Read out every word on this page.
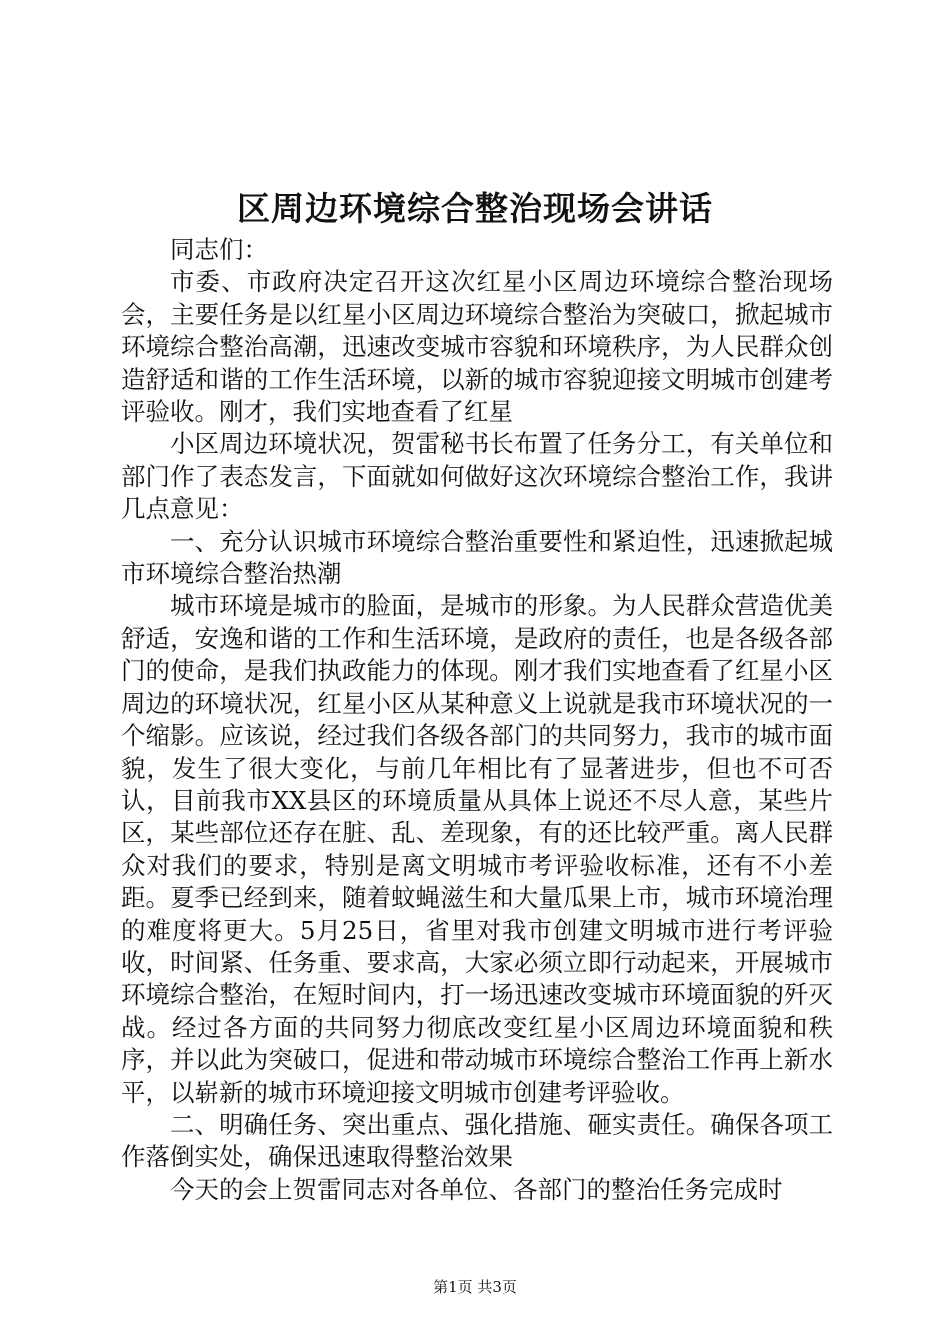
区周边环境综合整治现场会讲话

同志们：

市委、市政府决定召开这次红星小区周边环境综合整治现场会，主要任务是以红星小区周边环境综合整治为突破口，掀起城市环境综合整治高潮，迅速改变城市容貌和环境秩序，为人民群众创造舒适和谐的工作生活环境，以新的城市容貌迎接文明城市创建考评验收。刚才，我们实地查看了红星

小区周边环境状况，贺雷秘书长布置了任务分工，有关单位和部门作了表态发言，下面就如何做好这次环境综合整治工作，我讲几点意见：

一、充分认识城市环境综合整治重要性和紧迫性，迅速掀起城市环境综合整治热潮

城市环境是城市的脸面，是城市的形象。为人民群众营造优美舒适，安逸和谐的工作和生活环境，是政府的责任，也是各级各部门的使命，是我们执政能力的体现。刚才我们实地查看了红星小区周边的环境状况，红星小区从某种意义上说就是我市环境状况的一个缩影。应该说，经过我们各级各部门的共同努力，我市的城市面貌，发生了很大变化，与前几年相比有了显著进步，但也不可否认，目前我市XX县区的环境质量从具体上说还不尽人意，某些片区，某些部位还存在脏、乱、差现象，有的还比较严重。离人民群众对我们的要求，特别是离文明城市考评验收标准，还有不小差距。夏季已经到来，随着蚊蝇滋生和大量瓜果上市，城市环境治理的难度将更大。5月25日，省里对我市创建文明城市进行考评验收，时间紧、任务重、要求高，大家必须立即行动起来，开展城市环境综合整治，在短时间内，打一场迅速改变城市环境面貌的歼灭战。经过各方面的共同努力彻底改变红星小区周边环境面貌和秩序，并以此为突破口，促进和带动城市环境综合整治工作再上新水平，以崭新的城市环境迎接文明城市创建考评验收。

二、明确任务、突出重点、强化措施、砸实责任。确保各项工作落倒实处，确保迅速取得整治效果

今天的会上贺雷同志对各单位、各部门的整治任务完成时

第1页 共3页
